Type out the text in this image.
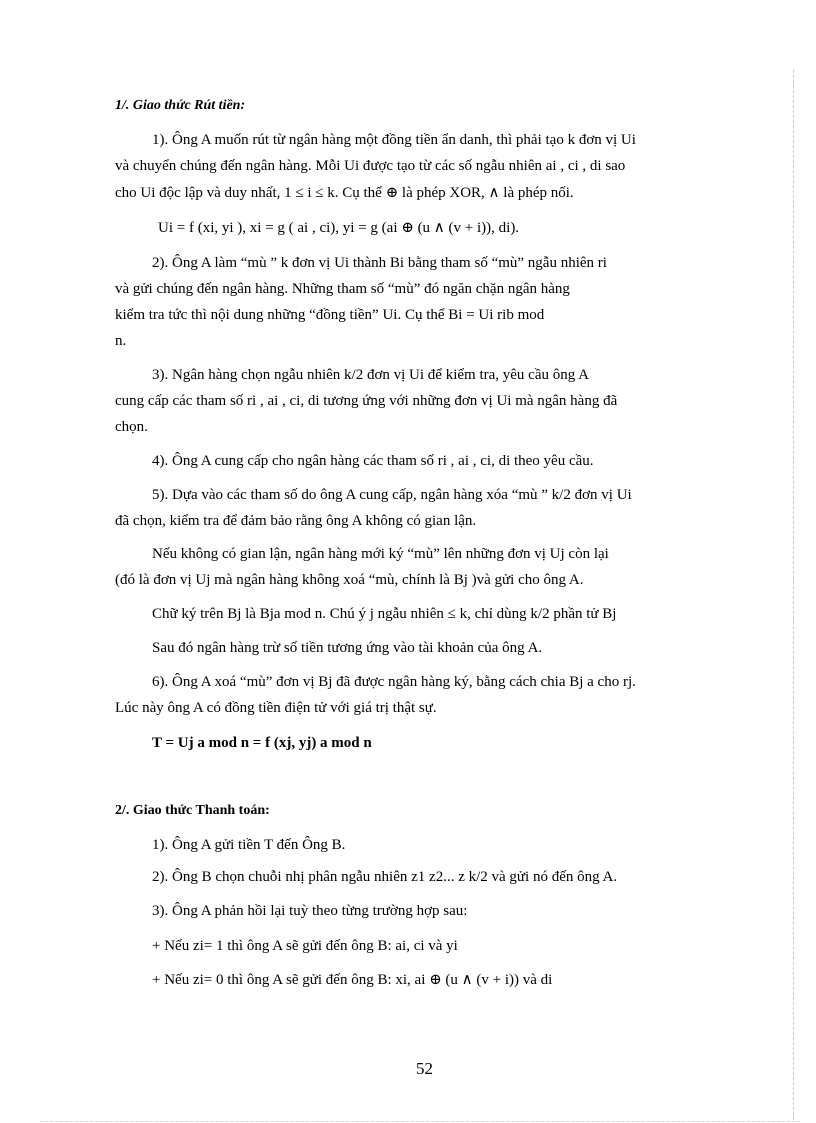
1/. Giao thức Rút tiền:
1). Ông A muốn rút từ ngân hàng một đồng tiền ẩn danh, thì phải tạo k đơn vị Ui
và chuyển chúng đến ngân hàng. Mỗi Ui được tạo từ các số ngẫu nhiên ai , ci , di sao
cho Ui độc lập và duy nhất, 1 ≤ i ≤ k. Cụ thể ⊕ là phép XOR, ∧ là phép nối.
Ui = f (xi, yi ), xi = g ( ai , ci), yi = g (ai ⊕ (u ∧ (v + i)), di).
2). Ông A làm “mù ” k đơn vị Ui thành Bi bằng tham số “mù” ngẫu nhiên ri
và gửi chúng đến ngân hàng. Những tham số “mù” đó ngăn chặn ngân hàng
kiểm tra tức thì nội dung những “đồng tiền” Ui. Cụ thể Bi = Ui rib mod
n.
3). Ngân hàng chọn ngẫu nhiên k/2 đơn vị Ui để kiểm tra, yêu cầu ông A
cung cấp các tham số ri , ai , ci, di tương ứng với những đơn vị Ui mà ngân hàng đã
chọn.
4). Ông A cung cấp cho ngân hàng các tham số ri , ai , ci, di theo yêu cầu.
5). Dựa vào các tham số do ông A cung cấp, ngân hàng xóa “mù ” k/2 đơn vị Ui
đã chọn, kiểm tra để đảm bảo rằng ông A không có gian lận.
Nếu không có gian lận, ngân hàng mới ký “mù” lên những đơn vị Uj còn lại
(đó là đơn vị Uj mà ngân hàng không xoá “mù, chính là Bj )và gửi cho ông A.
Chữ ký trên Bj là Bja mod n. Chú ý j ngẫu nhiên ≤ k, chỉ dùng k/2 phần tử Bj
Sau đó ngân hàng trừ số tiền tương ứng vào tài khoản của ông A.
6). Ông A xoá “mù” đơn vị Bj đã được ngân hàng ký, bằng cách chia Bj a cho rj.
Lúc này ông A có đồng tiền điện tử với giá trị thật sự.
T = Uj a mod n = f (xj, yj) a mod n
2/. Giao thức Thanh toán:
1). Ông A gửi tiền T đến Ông B.
2). Ông B chọn chuỗi nhị phân ngẫu nhiên z1 z2... z k/2 và gửi nó đến ông A.
3). Ông A phản hồi lại tuỳ theo từng trường hợp sau:
+ Nếu zi= 1 thì ông A sẽ gửi đến ông B: ai, ci và yi
+ Nếu zi= 0 thì ông A sẽ gửi đến ông B: xi, ai ⊕ (u ∧ (v + i)) và di
52
